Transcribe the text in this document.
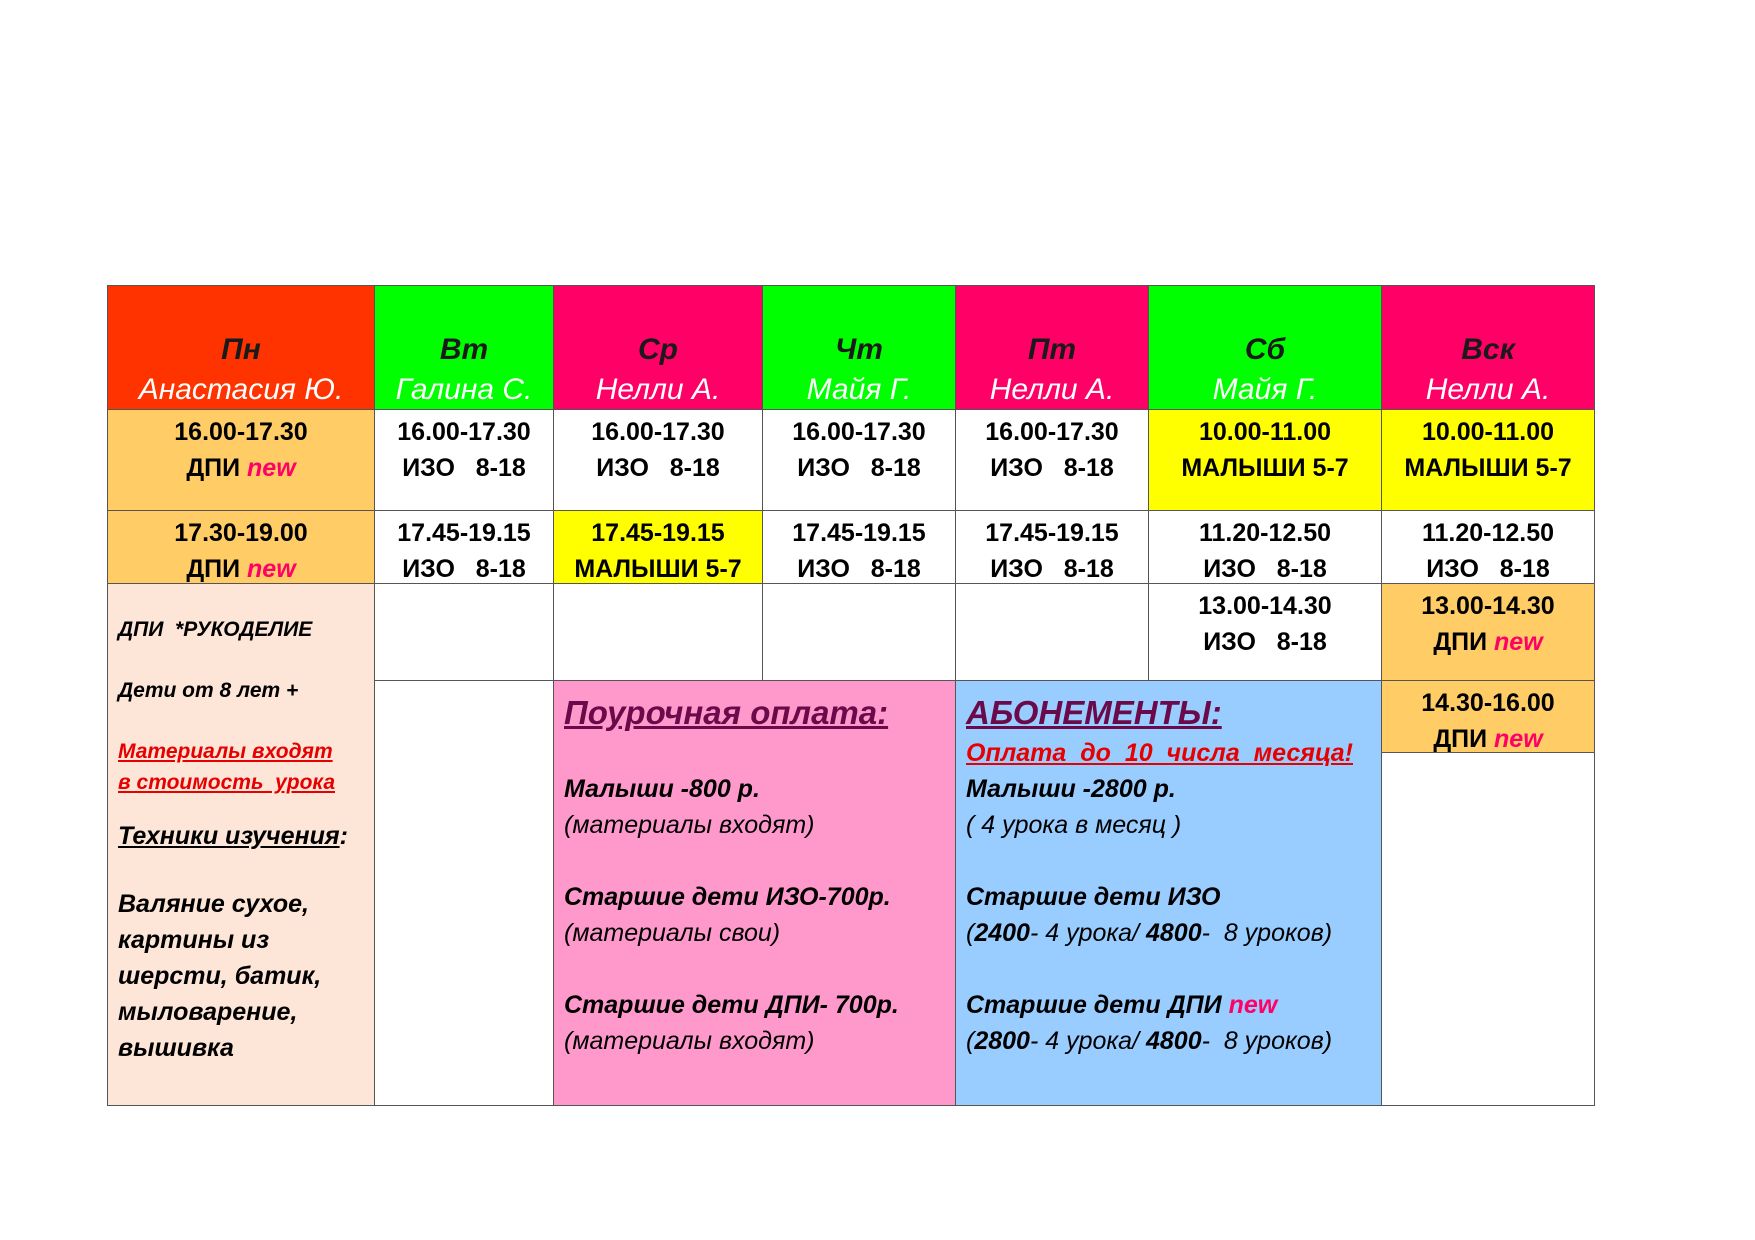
Пн
Анастасия Ю.
Вт
Галина С.
Ср
Нелли А.
Чт
Майя Г.
Пт
Нелли А.
Сб
Майя Г.
Вск
Нелли А.
16.00-17.30
ДПИ new
16.00-17.30
ИЗО   8-18
16.00-17.30
ИЗО   8-18
16.00-17.30
ИЗО   8-18
16.00-17.30
ИЗО   8-18
10.00-11.00
МАЛЫШИ 5-7
10.00-11.00
МАЛЫШИ 5-7
17.30-19.00
ДПИ new
17.45-19.15
ИЗО   8-18
17.45-19.15
МАЛЫШИ 5-7
17.45-19.15
ИЗО   8-18
17.45-19.15
ИЗО   8-18
11.20-12.50
ИЗО   8-18
11.20-12.50
ИЗО   8-18
13.00-14.30
ИЗО   8-18
13.00-14.30
ДПИ new
ДПИ  *РУКОДЕЛИЕ
Дети от 8 лет +
Материалы входят
в стоимость  урока
Техники изучения:
Валяние сухое,
картины из
шерсти, батик,
мыловарение,
вышивка
Поурочная оплата:
Малыши -800 р.
(материалы входят)
Старшие дети ИЗО-700р.
(материалы свои)
Старшие дети ДПИ- 700р.
(материалы входят)
АБОНЕМЕНТЫ:
Оплата  до  10  числа  месяца!
Малыши -2800 р.
( 4 урока в месяц )
Старшие дети ИЗО
(2400- 4 урока/ 4800-  8 уроков)
Старшие дети ДПИ new
(2800- 4 урока/ 4800-  8 уроков)
14.30-16.00
ДПИ new
